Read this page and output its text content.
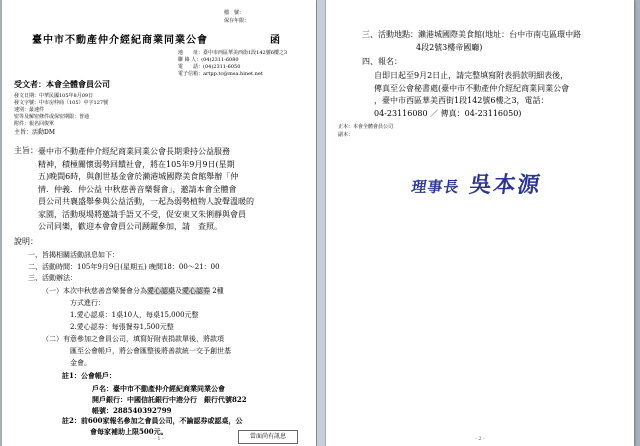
檔　號：
保存年限：
臺中市不動產仲介經紀商業同業公會	函
地　　址：臺中市西區華美西街1段142號6樓之3
聯 絡 人：(04)2311-6080
電　　話：(04)2311-6050
電子信箱：artpp.tc@msa.hinet.net
受文者：本會全體會員公司
發文日期：中華民國105年8月09日
發文字號：中市房仲商（105）中字127號
速別：最速件
密等及解密條件或保密期限：普通
附件：報名回復單
主旨：活動DM
主旨： 臺中市不動產仲介經紀商業同業公會長期秉持公益服務
精神，積極關懷弱勢回饋社會，將在105年9月9日(星期
五)晚間6時，與創世基金會於瀨港城國際美食館舉辦「仲
情．仲義．仲公益 中秋慈善音樂餐會」，邀請本會全體會
員公司共襄盛舉參與公益活動，一起為弱勢植物人說聲溫暖的
家園，活動現場將邀請手語又不受，促安東又朱俐靜與會員
公司同樂，歡迎本會會員公司踴躍參加，請　查照。
說明：
一、旨揭相關活動訊息如下：
二、活動時間：105年9月9日(星期五) 晚間18：00～21：00
三、活動辦法：
（一）本次中秋慈善音樂餐會分為愛心認桌及愛心認券 2種
方式進行：
1.愛心認桌：1桌10人，每桌15,000元整
2.愛心認券：每張餐券1,500元整
（二）有意參加之會員公司，填寫好附表捐款單後，將款項
匯至公會帳戶，將公會匯整後將善款統一交予創世基
金會。
註1：公會帳戶：
戶名：臺中市不動產仲介經紀商業同業公會
開戶銀行：中國信託銀行中港分行　銀行代號822
帳號：288540392799
註2：前600家報名參加之會員公司，不論認券或認桌，公
會每家補助上限500元。
當面尚有訊息
- 1 -
三、活動地點：瀨港城國際美食館(地址：台中市南屯區環中路
4段2號3樓帝國廳)
四、報名：
自即日起至9月2日止，請完整填寫附表捐款明細表後，
傳真至公會秘書處(臺中市不動產仲介經紀商業同業公會
，臺中市西區華美西街1段142號6樓之3，電話：
04-23116080 ／ 傳真：04-23116050)
正本：本會全體會員公司
副本：
理事長 吳本源
- 2 -
